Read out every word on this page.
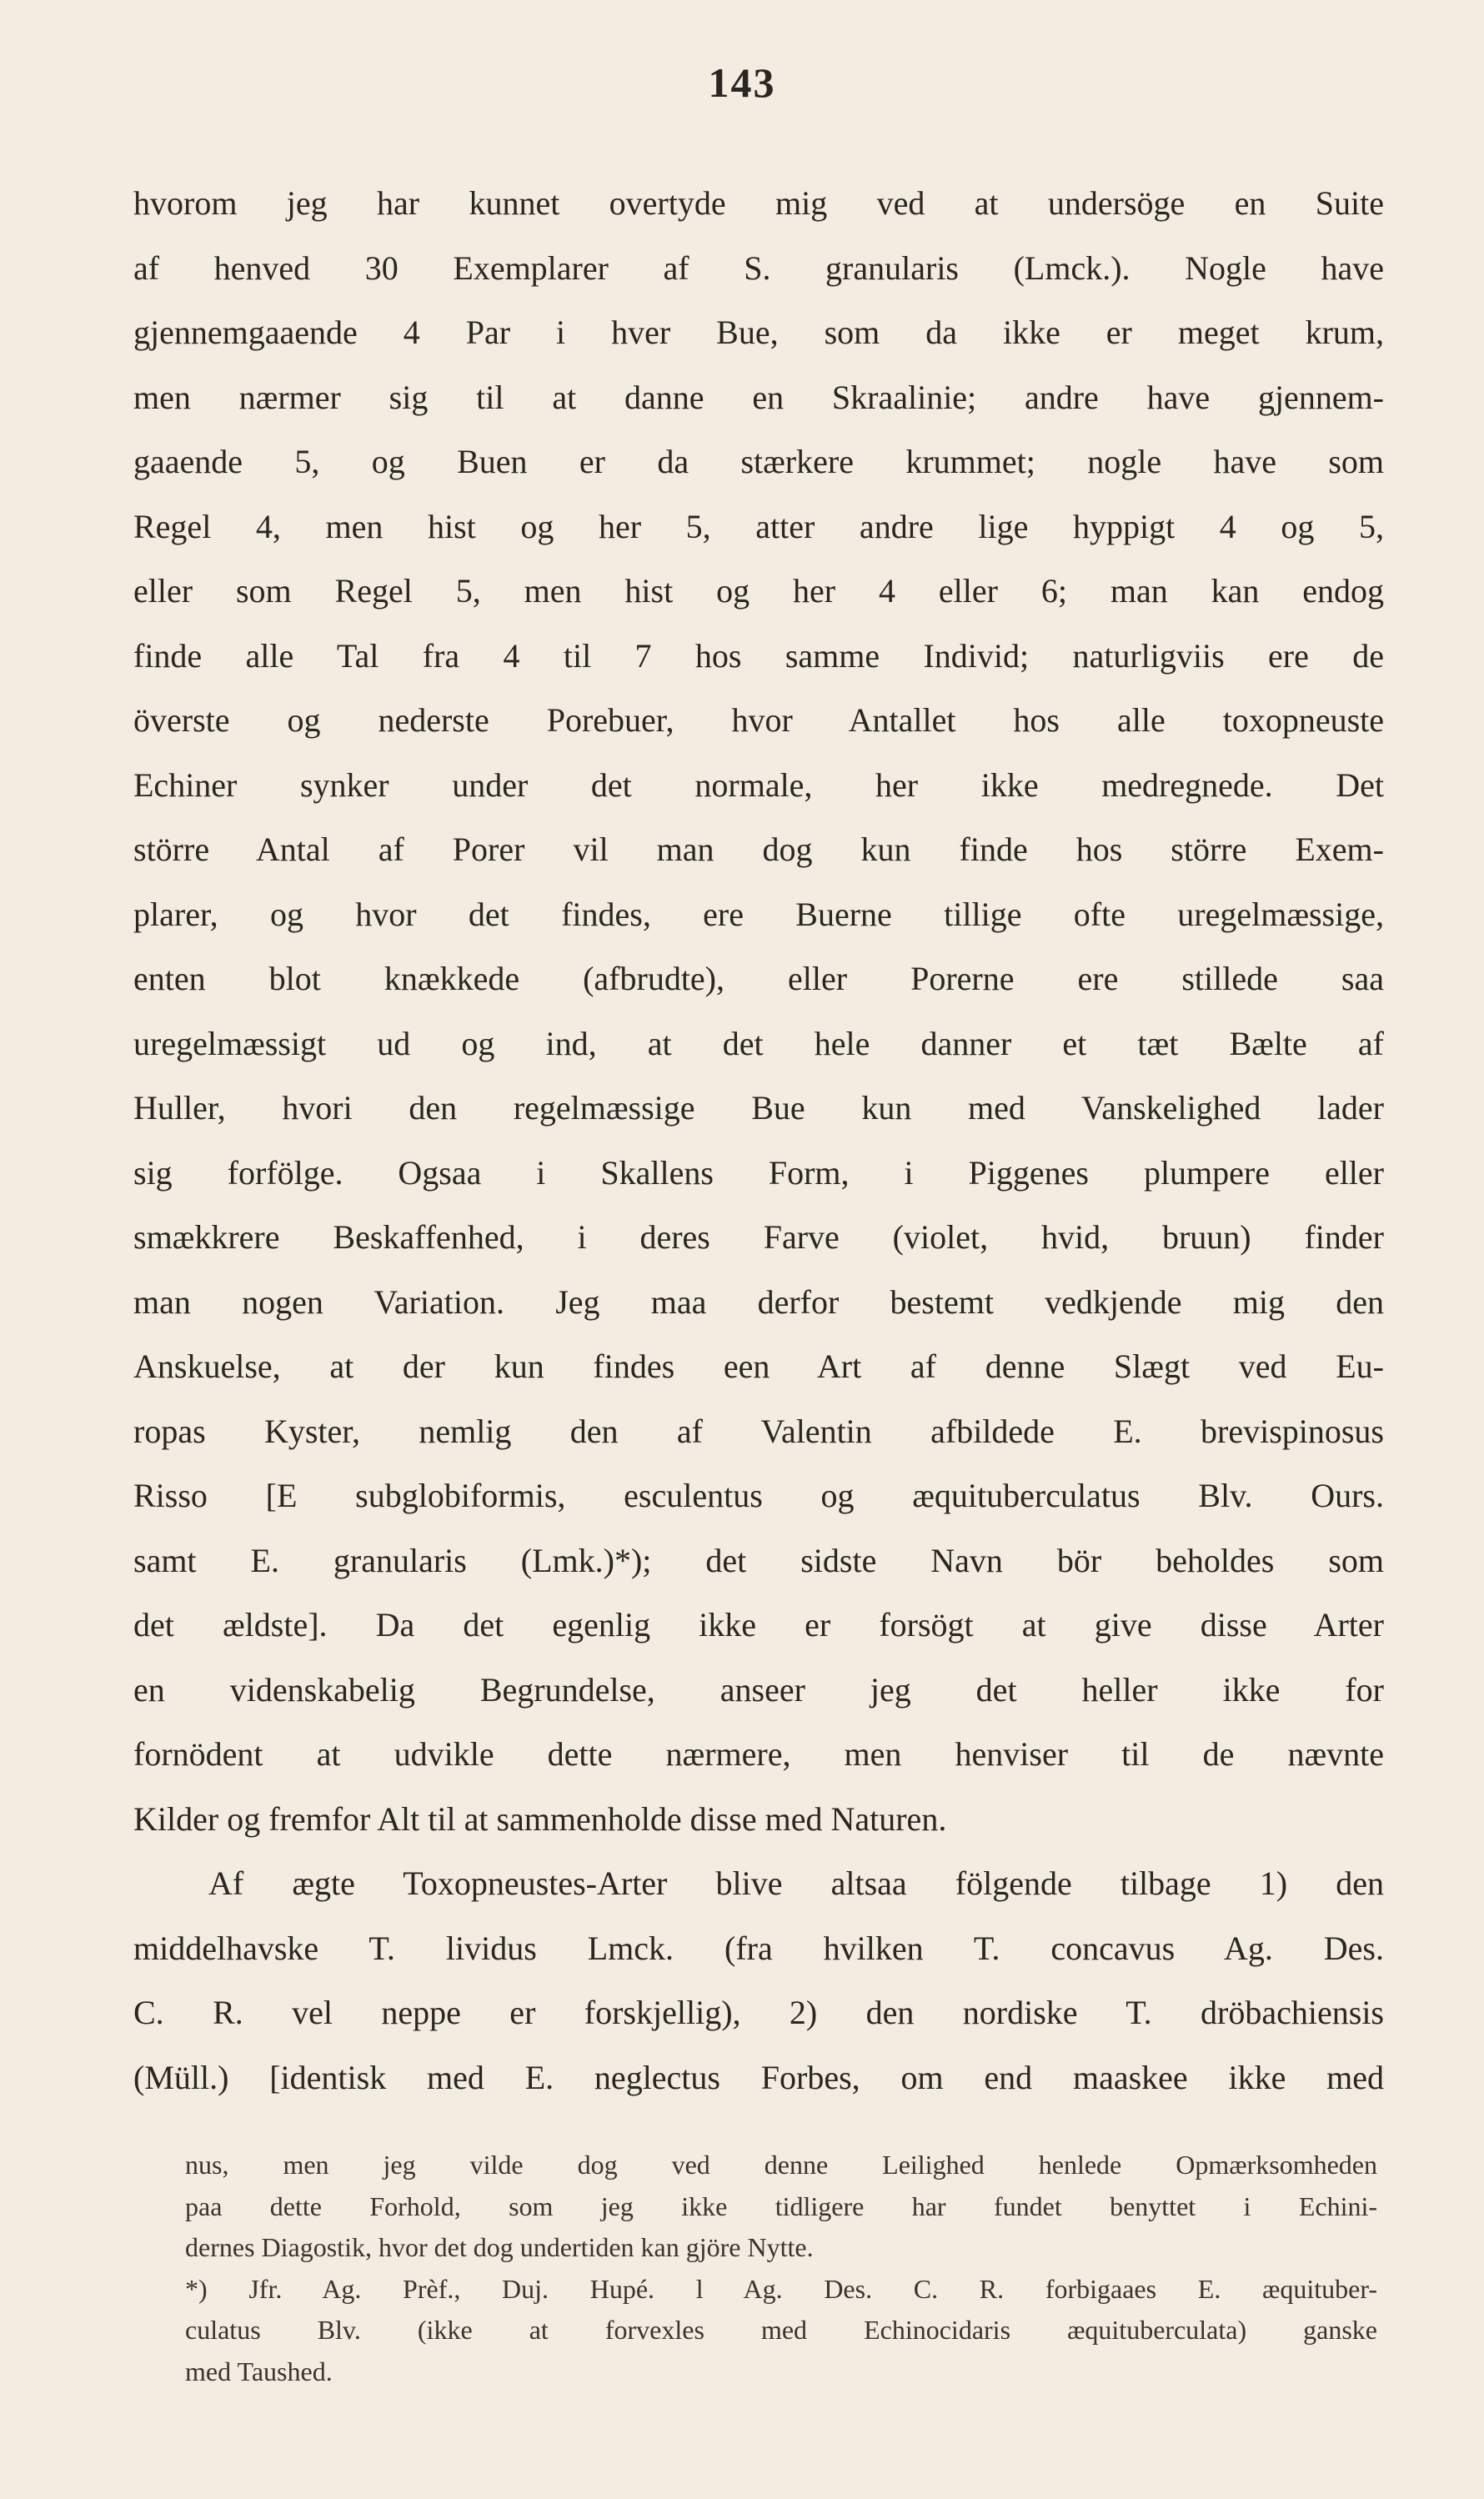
143
hvorom jeg har kunnet overtyde mig ved at undersöge en Suite
af henved 30 Exemplarer af S. granularis (Lmck.). Nogle have
gjennemgaaende 4 Par i hver Bue, som da ikke er meget krum,
men nærmer sig til at danne en Skraalinie; andre have gjennem-
gaaende 5, og Buen er da stærkere krummet; nogle have som
Regel 4, men hist og her 5, atter andre lige hyppigt 4 og 5,
eller som Regel 5, men hist og her 4 eller 6; man kan endog
finde alle Tal fra 4 til 7 hos samme Individ; naturligviis ere de
överste og nederste Porebuer, hvor Antallet hos alle toxopneuste
Echiner synker under det normale, her ikke medregnede. Det
större Antal af Porer vil man dog kun finde hos större Exem-
plarer, og hvor det findes, ere Buerne tillige ofte uregelmæssige,
enten blot knækkede (afbrudte), eller Porerne ere stillede saa
uregelmæssigt ud og ind, at det hele danner et tæt Bælte af
Huller, hvori den regelmæssige Bue kun med Vanskelighed lader
sig forfölge. Ogsaa i Skallens Form, i Piggenes plumpere eller
smækkrere Beskaffenhed, i deres Farve (violet, hvid, bruun) finder
man nogen Variation. Jeg maa derfor bestemt vedkjende mig den
Anskuelse, at der kun findes een Art af denne Slægt ved Eu-
ropas Kyster, nemlig den af Valentin afbildede E. brevispinosus
Risso [E subglobiformis, esculentus og æquituberculatus Blv. Ours.
samt E. granularis (Lmk.)*); det sidste Navn bör beholdes som
det ældste]. Da det egenlig ikke er forsögt at give disse Arter
en videnskabelig Begrundelse, anseer jeg det heller ikke for
fornödent at udvikle dette nærmere, men henviser til de nævnte
Kilder og fremfor Alt til at sammenholde disse med Naturen.
Af ægte Toxopneustes-Arter blive altsaa fölgende tilbage 1) den
middelhavske T. lividus Lmck. (fra hvilken T. concavus Ag. Des.
C. R. vel neppe er forskjellig), 2) den nordiske T. dröbachiensis
(Müll.) [identisk med E. neglectus Forbes, om end maaskee ikke med
nus, men jeg vilde dog ved denne Leilighed henlede Opmærksomheden
paa dette Forhold, som jeg ikke tidligere har fundet benyttet i Echini-
dernes Diagostik, hvor det dog undertiden kan gjöre Nytte.
*) Jfr. Ag. Prèf., Duj. Hupé. l Ag. Des. C. R. forbigaaes E. æquituber-
culatus Blv. (ikke at forvexles med Echinocidaris æquituberculata) ganske
med Taushed.
